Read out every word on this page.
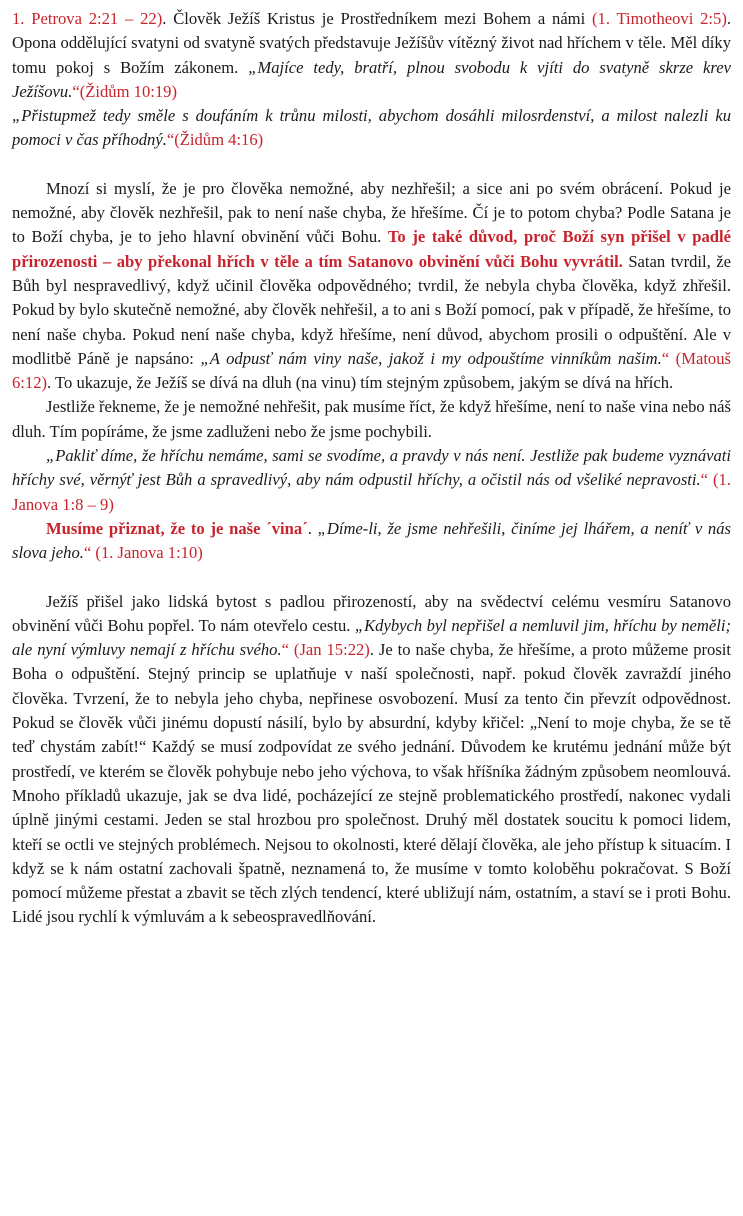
1. Petrova 2:21 – 22). Člověk Ježíš Kristus je Prostředníkem mezi Bohem a námi (1. Timotheovi 2:5). Opona oddělující svatyni od svatyně svatých představuje Ježíšův vítězný život nad hříchem v těle. Měl díky tomu pokoj s Božím zákonem. „Majíce tedy, bratří, plnou svobodu k vjíti do svatyně skrze krev Ježíšovu.“(Židům 10:19)

„Přistupmež tedy směle s doufáním k trůnu milosti, abychom dosáhli milosrdenství, a milost nalezli ku pomoci v čas příhodný.“(Židům 4:16)

Mnozí si myslí, že je pro člověka nemožné, aby nezhřešil; a sice ani po svém obrácení. Pokud je nemožné, aby člověk nezhřešil, pak to není naše chyba, že hřešíme. Čí je to potom chyba? Podle Satana je to Boží chyba, je to jeho hlavní obvinění vůči Bohu. To je také důvod, proč Boží syn přišel v padlé přirozenosti – aby překonal hřích v těle a tím Satanovo obvinění vůči Bohu vyvrátil. Satan tvrdil, že Bůh byl nespravedlivý, když učinil člověka odpovědného; tvrdil, že nebyla chyba člověka, když zhřešil. Pokud by bylo skutečně nemožné, aby člověk nehřešil, a to ani s Boží pomocí, pak v případě, že hřešíme, to není naše chyba. Pokud není naše chyba, když hřešíme, není důvod, abychom prosili o odpuštění. Ale v modlitbě Páně je napsáno: „A odpusť nám viny naše, jakož i my odpouštíme vinníkům našim.“ (Matouš 6:12). To ukazuje, že Ježíš se dívá na dluh (na vinu) tím stejným způsobem, jakým se dívá na hřích.

Jestliže řekneme, že je nemožné nehřešit, pak musíme říct, že když hřešíme, není to naše vina nebo náš dluh. Tím popíráme, že jsme zadluženi nebo že jsme pochybili.

„Pakliť díme, že hříchu nemáme, sami se svodíme, a pravdy v nás není. Jestliže pak budeme vyznávati hříchy své, věrnýť jest Bůh a spravedlivý, aby nám odpustil hříchy, a očistil nás od všeliké nepravosti.“ (1. Janova 1:8 – 9)

Musíme přiznat, že to je naše ´vina´. „Díme-li, že jsme nehřešili, činíme jej lhářem, a neníť v nás slova jeho.“ (1. Janova 1:10)

Ježíš přišel jako lidská bytost s padlou přirozeností, aby na svědectví celému vesmíru Satanovo obvinění vůči Bohu popřel. To nám otevřelo cestu. „Kdybych byl nepřišel a nemluvil jim, hříchu by neměli; ale nyní výmluvy nemají z hříchu svého.“ (Jan 15:22). Je to naše chyba, že hřešíme, a proto můžeme prosit Boha o odpuštění. Stejný princip se uplatňuje v naší společnosti, např. pokud člověk zavraždí jiného člověka. Tvrzení, že to nebyla jeho chyba, nepřinese osvobození. Musí za tento čin převzít odpovědnost. Pokud se člověk vůči jinému dopustí násilí, bylo by absurdní, kdyby křičel: „Není to moje chyba, že se tě teď chystám zabít!“ Každý se musí zodpovídat ze svého jednání. Důvodem ke krutému jednání může být prostředí, ve kterém se člověk pohybuje nebo jeho výchova, to však hříšníka žádným způsobem neomlouvá. Mnoho příkladů ukazuje, jak se dva lidé, pocházející ze stejně problematického prostředí, nakonec vydali úplně jinými cestami. Jeden se stal hrozbou pro společnost. Druhý měl dostatek soucitu k pomoci lidem, kteří se octli ve stejných problémech. Nejsou to okolnosti, které dělají člověka, ale jeho přístup k situacím. I když se k nám ostatní zachovali špatně, neznamená to, že musíme v tomto koloběhu pokračovat. S Boží pomocí můžeme přestat a zbavit se těch zlých tendencí, které ubližují nám, ostatním, a staví se i proti Bohu. Lidé jsou rychlí k výmluvám a k sebeospravedlňování.
